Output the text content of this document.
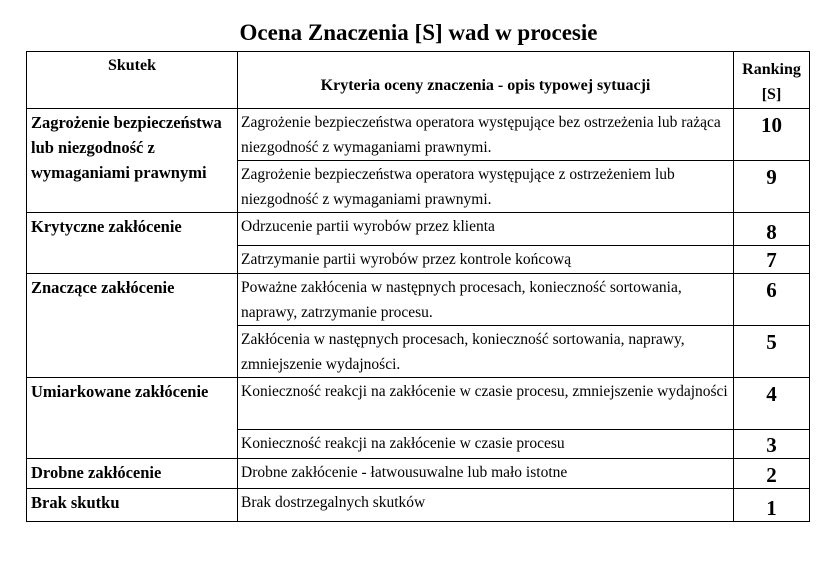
Ocena Znaczenia [S] wad w procesie
Skutek	Kryteria oceny znaczenia - opis typowej sytuacji	Ranking
[S]
Zagrożenie bezpieczeństwa lub niezgodność z wymaganiami prawnymi	Zagrożenie bezpieczeństwa operatora występujące bez ostrzeżenia lub rażąca niezgodność z wymaganiami prawnymi.	10
	Zagrożenie bezpieczeństwa operatora występujące z ostrzeżeniem lub niezgodność z wymaganiami prawnymi.	9
Krytyczne zakłócenie	Odrzucenie partii wyrobów przez klienta	8
	Zatrzymanie partii wyrobów przez kontrole końcową	7
Znaczące zakłócenie	Poważne zakłócenia w następnych procesach, konieczność sortowania, naprawy, zatrzymanie procesu.	6
	Zakłócenia w następnych procesach, konieczność sortowania, naprawy, zmniejszenie wydajności.	5
Umiarkowane zakłócenie	Konieczność reakcji na zakłócenie w czasie procesu, zmniejszenie wydajności	4
	Konieczność reakcji na zakłócenie w czasie procesu	3
Drobne zakłócenie	Drobne zakłócenie - łatwousuwalne lub mało istotne	2
Brak skutku	Brak dostrzegalnych skutków	1
